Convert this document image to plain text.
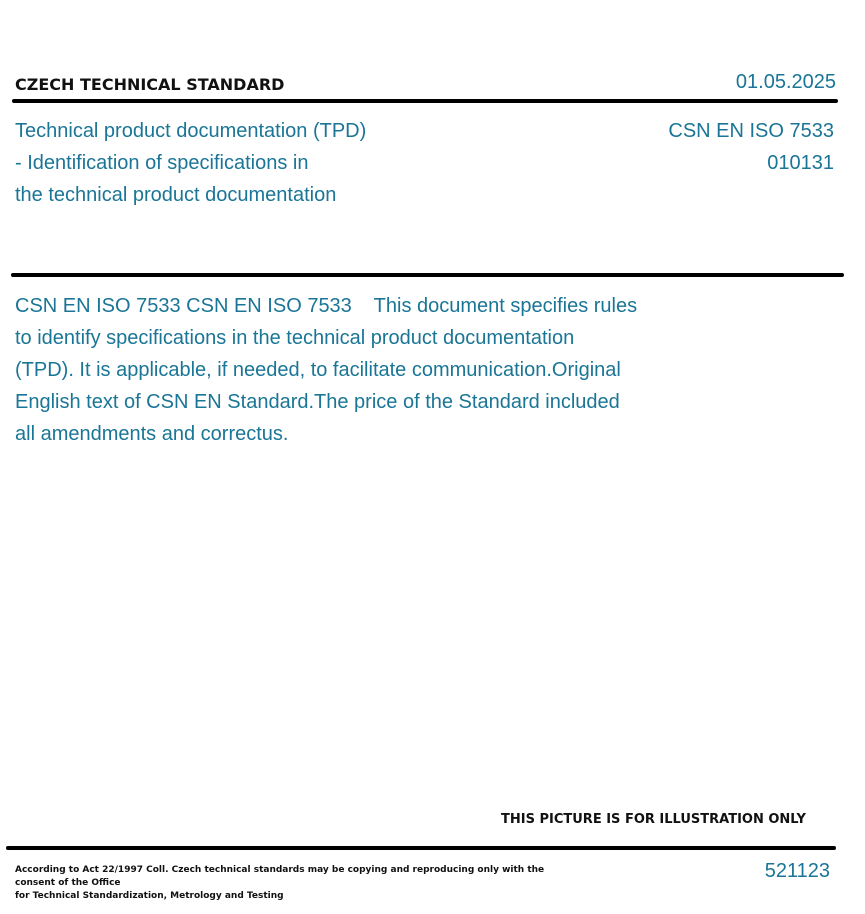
CZECH TECHNICAL STANDARD	01.05.2025
Technical product documentation (TPD)
- Identification of specifications in
the technical product documentation
CSN EN ISO 7533
010131
CSN EN ISO 7533 CSN EN ISO 7533    This document specifies rules
to identify specifications in the technical product documentation
(TPD). It is applicable, if needed, to facilitate communication.Original
English text of CSN EN Standard.The price of the Standard included
all amendments and correctus.
THIS PICTURE IS FOR ILLUSTRATION ONLY
According to Act 22/1997 Coll. Czech technical standards may be copying and reproducing only with the consent of the Office
for Technical Standardization, Metrology and Testing
521123
